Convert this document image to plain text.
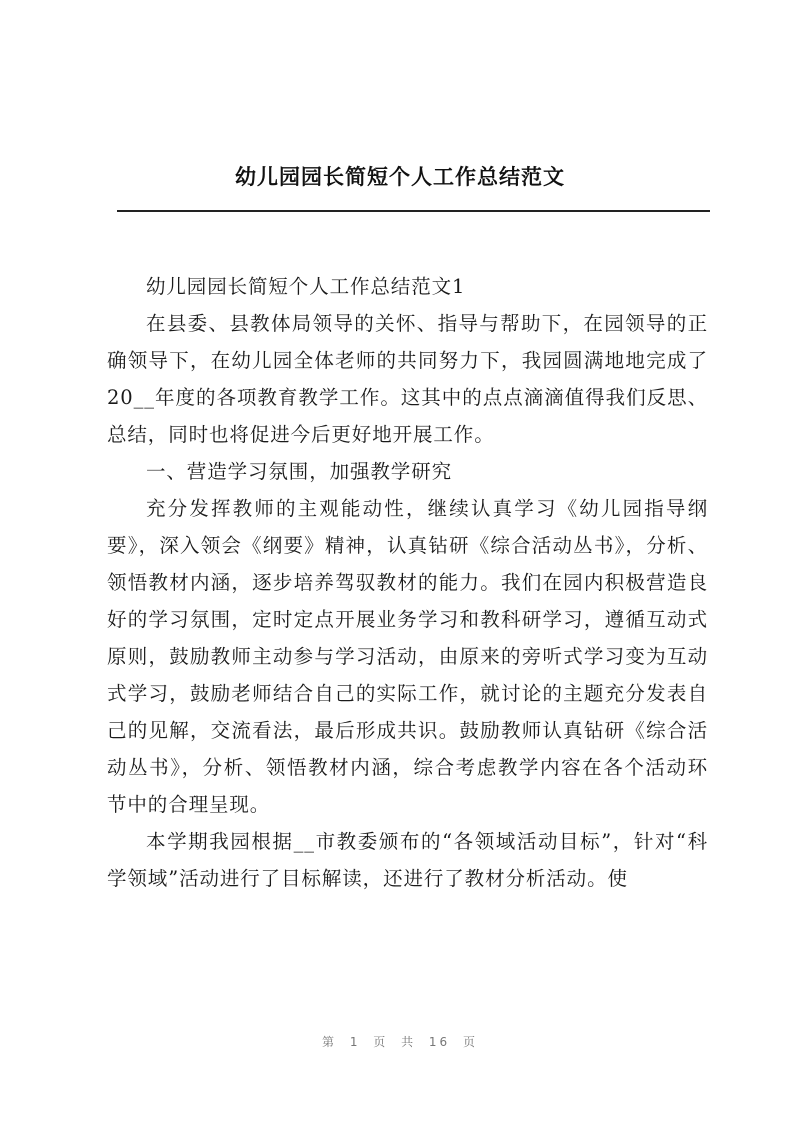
幼儿园园长简短个人工作总结范文

幼儿园园长简短个人工作总结范文1

在县委、县教体局领导的关怀、指导与帮助下，在园领导的正确领导下，在幼儿园全体老师的共同努力下，我园圆满地地完成了20__年度的各项教育教学工作。这其中的点点滴滴值得我们反思、总结，同时也将促进今后更好地开展工作。

一、营造学习氛围，加强教学研究

充分发挥教师的主观能动性，继续认真学习《幼儿园指导纲要》，深入领会《纲要》精神，认真钻研《综合活动丛书》，分析、领悟教材内涵，逐步培养驾驭教材的能力。我们在园内积极营造良好的学习氛围，定时定点开展业务学习和教科研学习，遵循互动式原则，鼓励教师主动参与学习活动，由原来的旁听式学习变为互动式学习，鼓励老师结合自己的实际工作，就讨论的主题充分发表自己的见解，交流看法，最后形成共识。鼓励教师认真钻研《综合活动丛书》，分析、领悟教材内涵，综合考虑教学内容在各个活动环节中的合理呈现。

本学期我园根据__市教委颁布的“各领域活动目标”，针对“科学领域”活动进行了目标解读，还进行了教材分析活动。使

第 1 页 共 16 页
